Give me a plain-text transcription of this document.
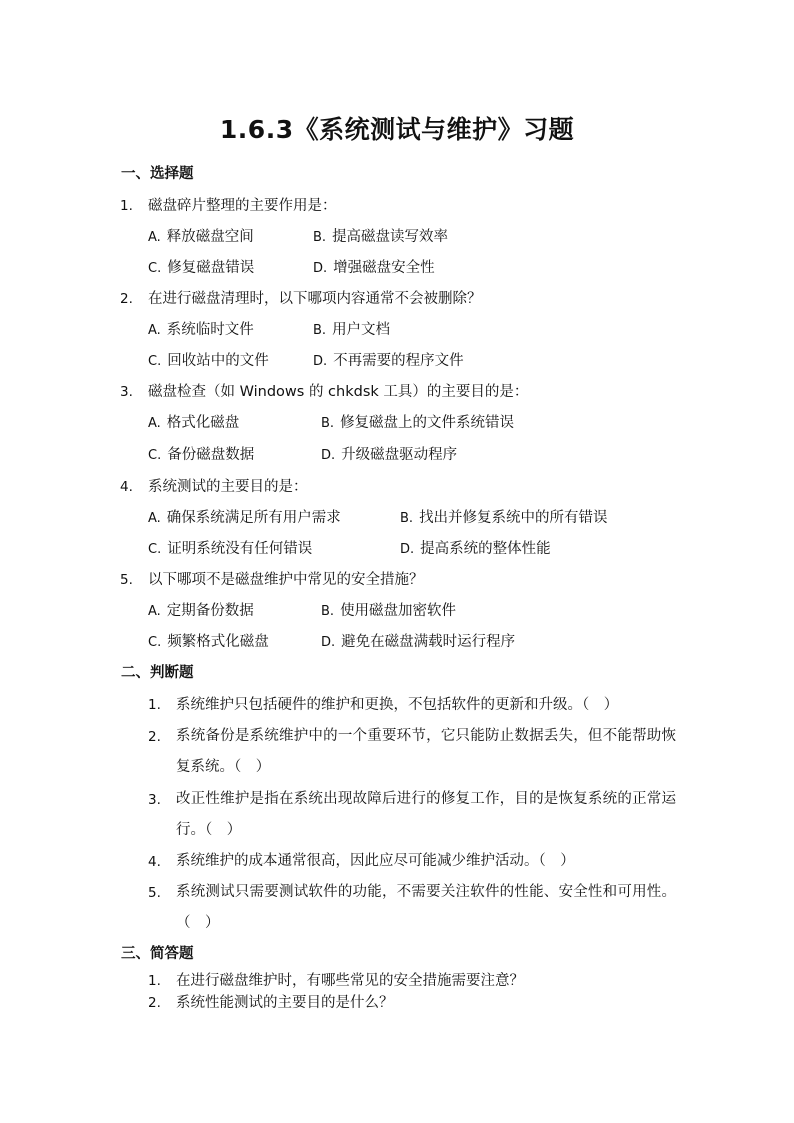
1.6.3《系统测试与维护》习题
一、选择题
1. 磁盘碎片整理的主要作用是：
A. 释放磁盘空间	B. 提高磁盘读写效率
C. 修复磁盘错误	D. 增强磁盘安全性
2. 在进行磁盘清理时，以下哪项内容通常不会被删除？
A. 系统临时文件	B. 用户文档
C. 回收站中的文件	D. 不再需要的程序文件
3. 磁盘检查（如 Windows 的 chkdsk 工具）的主要目的是：
A. 格式化磁盘	B. 修复磁盘上的文件系统错误
C. 备份磁盘数据	D. 升级磁盘驱动程序
4. 系统测试的主要目的是：
A. 确保系统满足所有用户需求	B. 找出并修复系统中的所有错误
C. 证明系统没有任何错误	D. 提高系统的整体性能
5. 以下哪项不是磁盘维护中常见的安全措施？
A. 定期备份数据	B. 使用磁盘加密软件
C. 频繁格式化磁盘	D. 避免在磁盘满载时运行程序
二、判断题
1. 系统维护只包括硬件的维护和更换，不包括软件的更新和升级。（　）
2. 系统备份是系统维护中的一个重要环节，它只能防止数据丢失，但不能帮助恢复系统。（　）
3. 改正性维护是指在系统出现故障后进行的修复工作，目的是恢复系统的正常运行。（　）
4. 系统维护的成本通常很高，因此应尽可能减少维护活动。（　）
5. 系统测试只需要测试软件的功能，不需要关注软件的性能、安全性和可用性。（　）
三、简答题
1. 在进行磁盘维护时，有哪些常见的安全措施需要注意？
2. 系统性能测试的主要目的是什么？
